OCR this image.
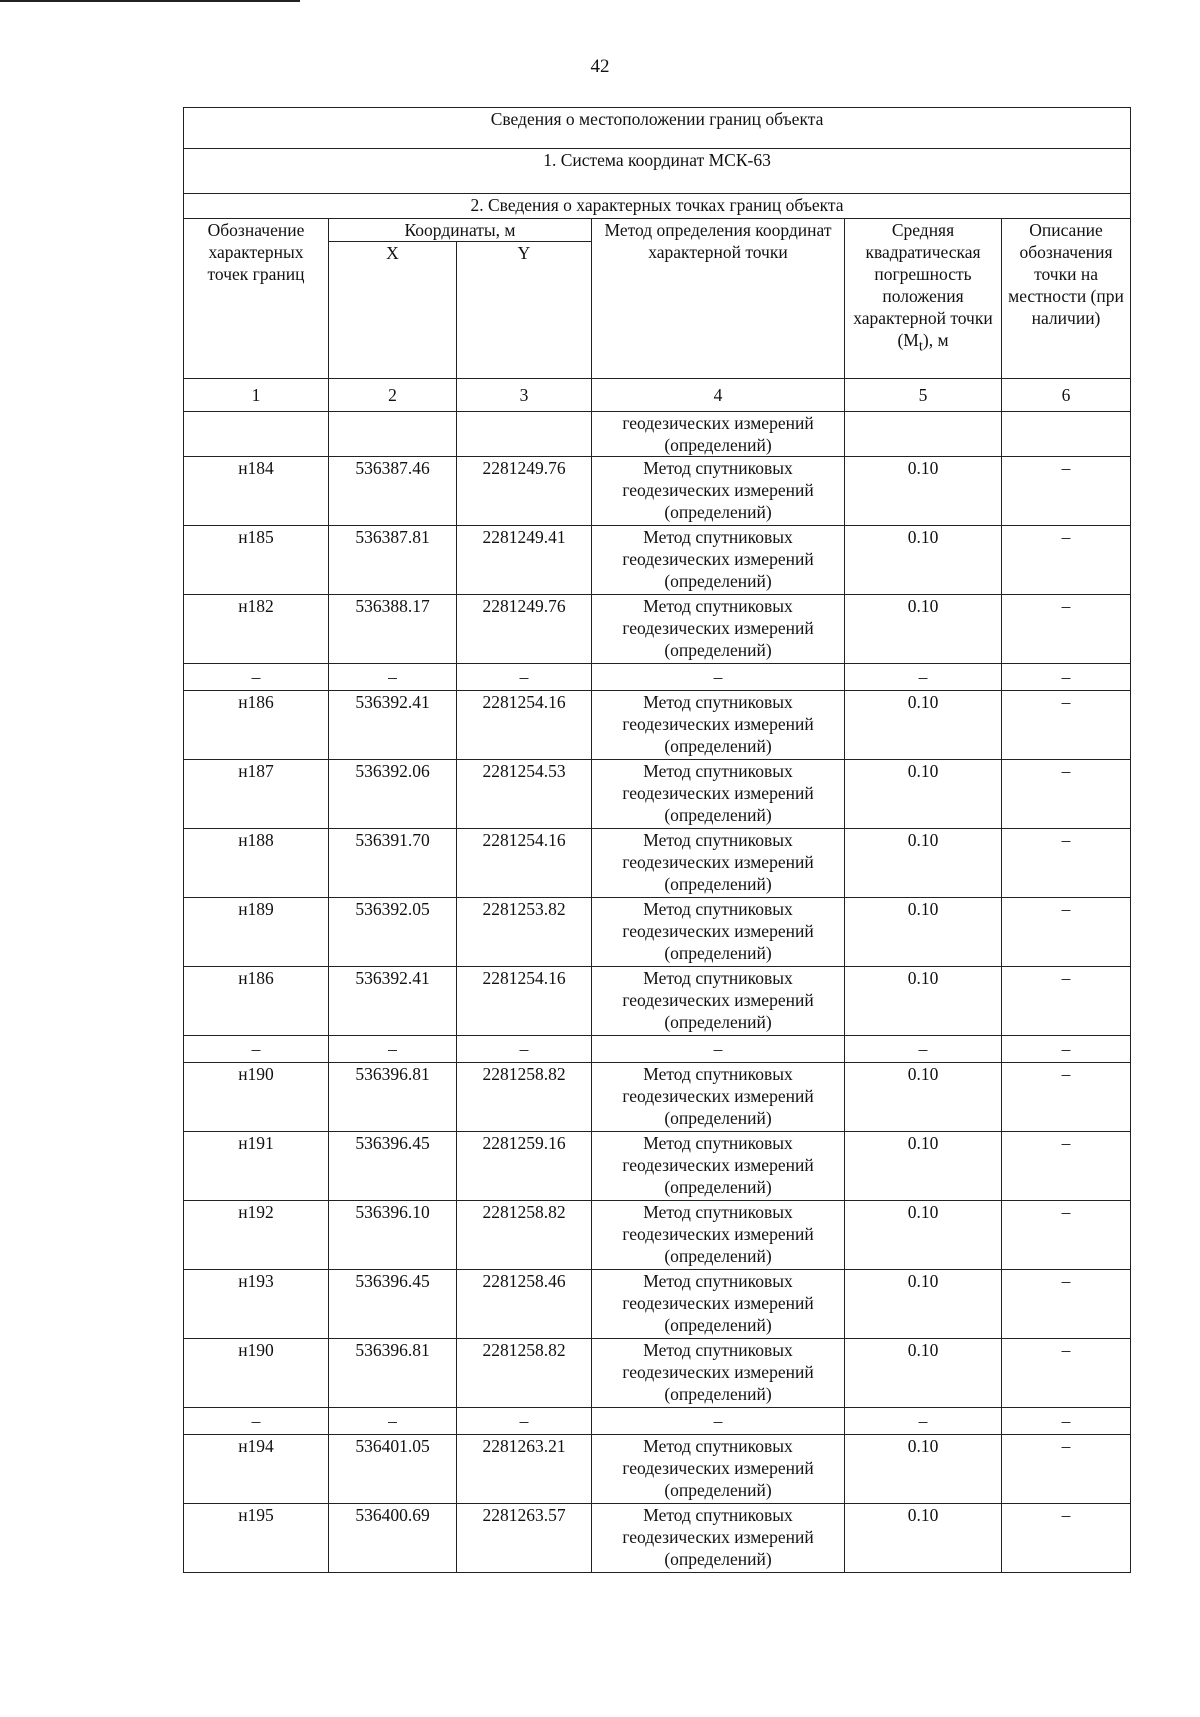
42
Сведения о местоположении границ объекта					
1. Система координат МСК-63					
2. Сведения о характерных точках границ объекта					
Обозначение характерных точек границ	Координаты, м		Метод определения координат характерной точки	Средняя квадратическая погрешность положения характерной точки $(M_t)$, м	Описание обозначения точки на местности (при наличии)
	X	Y			
1	2	3	4	5	6
			геодезических измерений (определений)		
н184	536387.46	2281249.76	Метод спутниковых геодезических измерений (определений)	0.10	–
н185	536387.81	2281249.41	Метод спутниковых геодезических измерений (определений)	0.10	–
н182	536388.17	2281249.76	Метод спутниковых геодезических измерений (определений)	0.10	–
–	–	–	–	–	–
н186	536392.41	2281254.16	Метод спутниковых геодезических измерений (определений)	0.10	–
н187	536392.06	2281254.53	Метод спутниковых геодезических измерений (определений)	0.10	–
н188	536391.70	2281254.16	Метод спутниковых геодезических измерений (определений)	0.10	–
н189	536392.05	2281253.82	Метод спутниковых геодезических измерений (определений)	0.10	–
н186	536392.41	2281254.16	Метод спутниковых геодезических измерений (определений)	0.10	–
–	–	–	–	–	–
н190	536396.81	2281258.82	Метод спутниковых геодезических измерений (определений)	0.10	–
н191	536396.45	2281259.16	Метод спутниковых геодезических измерений (определений)	0.10	–
н192	536396.10	2281258.82	Метод спутниковых геодезических измерений (определений)	0.10	–
н193	536396.45	2281258.46	Метод спутниковых геодезических измерений (определений)	0.10	–
н190	536396.81	2281258.82	Метод спутниковых геодезических измерений (определений)	0.10	–
–	–	–	–	–	–
н194	536401.05	2281263.21	Метод спутниковых геодезических измерений (определений)	0.10	–
н195	536400.69	2281263.57	Метод спутниковых геодезических измерений (определений)	0.10	–
